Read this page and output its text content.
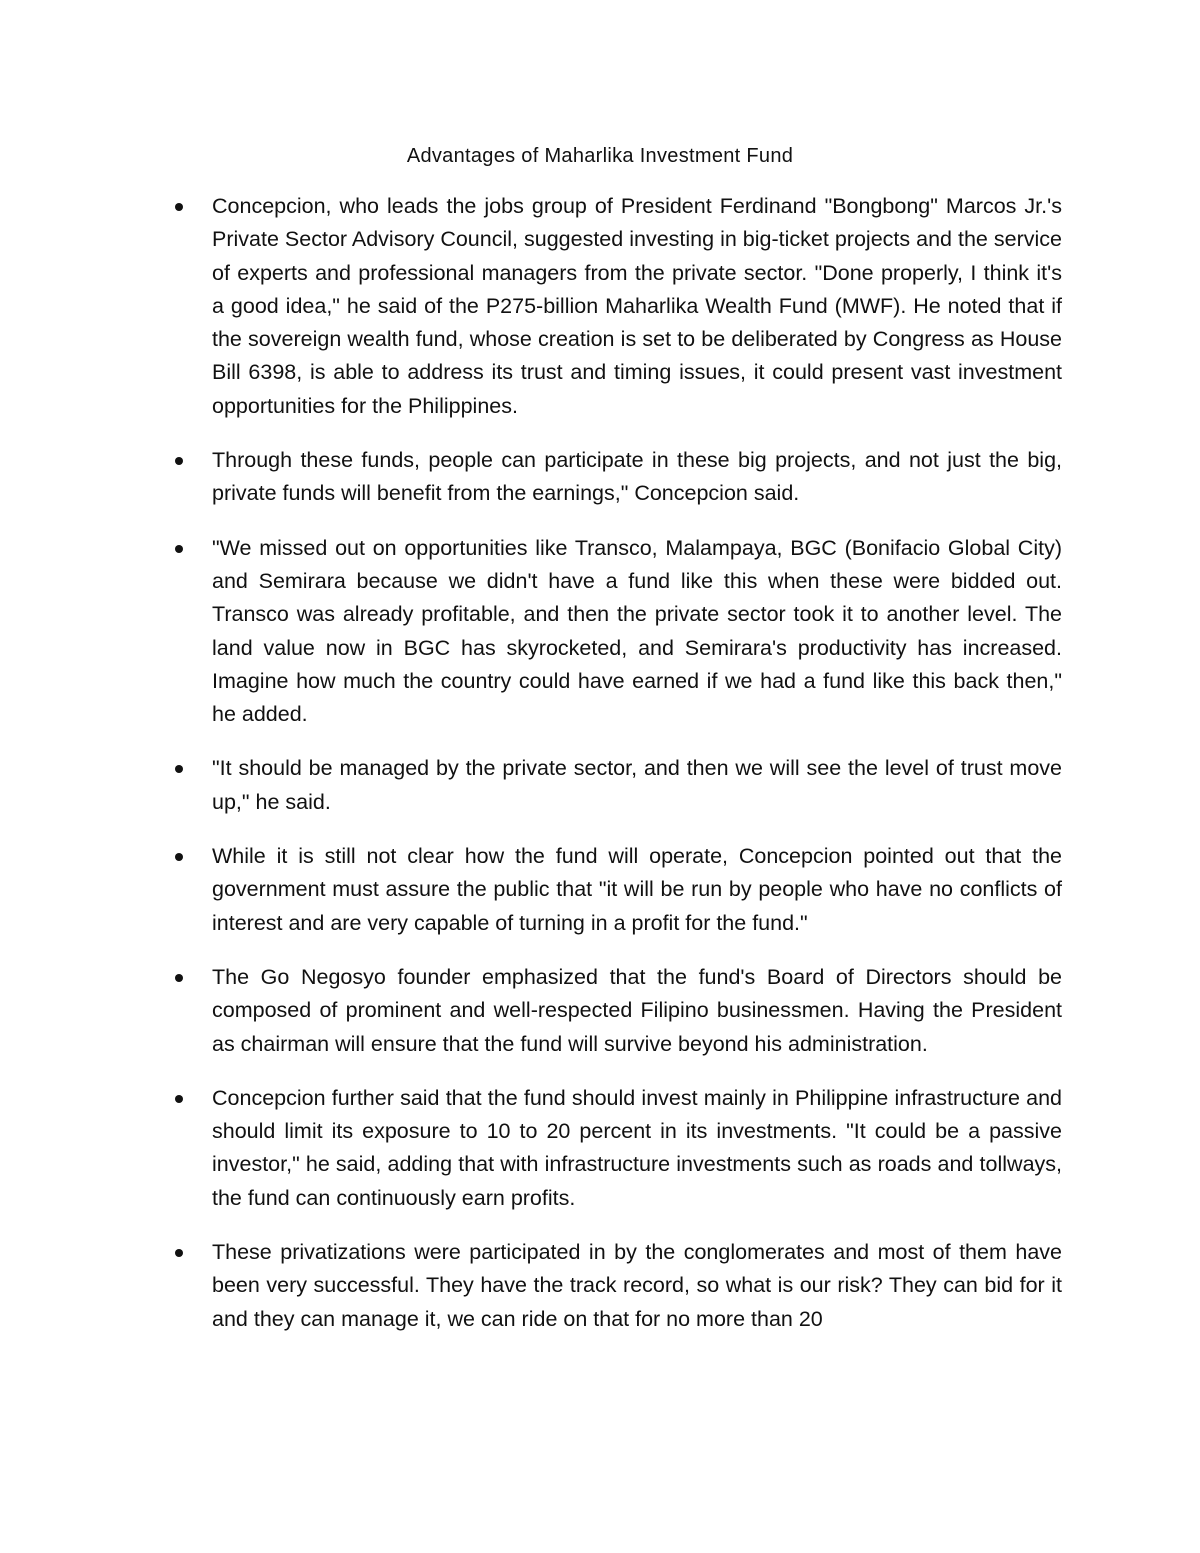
Advantages of Maharlika Investment Fund
Concepcion, who leads the jobs group of President Ferdinand "Bongbong" Marcos Jr.'s Private Sector Advisory Council, suggested investing in big-ticket projects and the service of experts and professional managers from the private sector. "Done properly, I think it's a good idea," he said of the P275-billion Maharlika Wealth Fund (MWF). He noted that if the sovereign wealth fund, whose creation is set to be deliberated by Congress as House Bill 6398, is able to address its trust and timing issues, it could present vast investment opportunities for the Philippines.
Through these funds, people can participate in these big projects, and not just the big, private funds will benefit from the earnings," Concepcion said.
"We missed out on opportunities like Transco, Malampaya, BGC (Bonifacio Global City) and Semirara because we didn't have a fund like this when these were bidded out. Transco was already profitable, and then the private sector took it to another level. The land value now in BGC has skyrocketed, and Semirara's productivity has increased. Imagine how much the country could have earned if we had a fund like this back then," he added.
"It should be managed by the private sector, and then we will see the level of trust move up," he said.
While it is still not clear how the fund will operate, Concepcion pointed out that the government must assure the public that "it will be run by people who have no conflicts of interest and are very capable of turning in a profit for the fund."
The Go Negosyo founder emphasized that the fund's Board of Directors should be composed of prominent and well-respected Filipino businessmen. Having the President as chairman will ensure that the fund will survive beyond his administration.
Concepcion further said that the fund should invest mainly in Philippine infrastructure and should limit its exposure to 10 to 20 percent in its investments. "It could be a passive investor," he said, adding that with infrastructure investments such as roads and tollways, the fund can continuously earn profits.
These privatizations were participated in by the conglomerates and most of them have been very successful. They have the track record, so what is our risk? They can bid for it and they can manage it, we can ride on that for no more than 20
